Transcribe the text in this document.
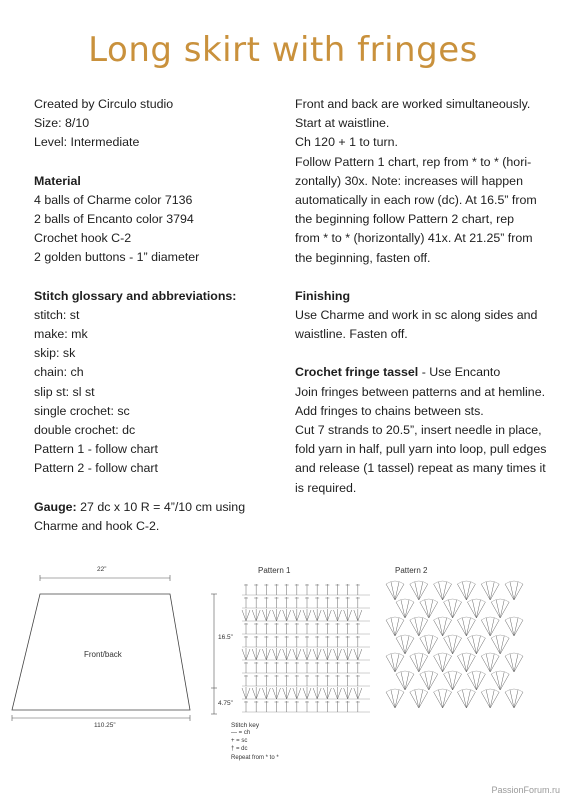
Long skirt with fringes
Created by Circulo studio
Size: 8/10
Level: Intermediate
Material
4 balls of Charme color 7136
2 balls of Encanto color 3794
Crochet hook C-2
2 golden buttons - 1” diameter
Stitch glossary and abbreviations:
stitch: st
make: mk
skip: sk
chain: ch
slip st: sl st
single crochet: sc
double crochet: dc
Pattern 1 - follow chart
Pattern 2 - follow chart
Gauge: 27 dc x 10 R = 4”/10 cm using
Charme and hook C-2.
Front and back are worked simultaneously.
Start at waistline.
Ch 120 + 1 to turn.
Follow Pattern 1 chart, rep from * to * (hori-
zontally) 30x. Note: increases will happen
automatically in each row (dc). At 16.5” from
the beginning follow Pattern 2 chart, rep
from * to * (horizontally) 41x. At 21.25” from
the beginning, fasten off.
Finishing
Use Charme and work in sc along sides and
waistline. Fasten off.
Crochet fringe tassel - Use Encanto
Join fringes between patterns and at hemline.
Add fringes to chains between sts.
Cut 7 strands to 20.5”, insert needle in place,
fold yarn in half, pull yarn into loop, pull edges
and release (1 tassel) repeat as many times it
is required.
22”
Front/back
110.25”
16.5”
4.75”
Pattern 1	Pattern 2
Stitch key
— = ch
+ = sc
† = dc
Repeat from * to *
PassionForum.ru
